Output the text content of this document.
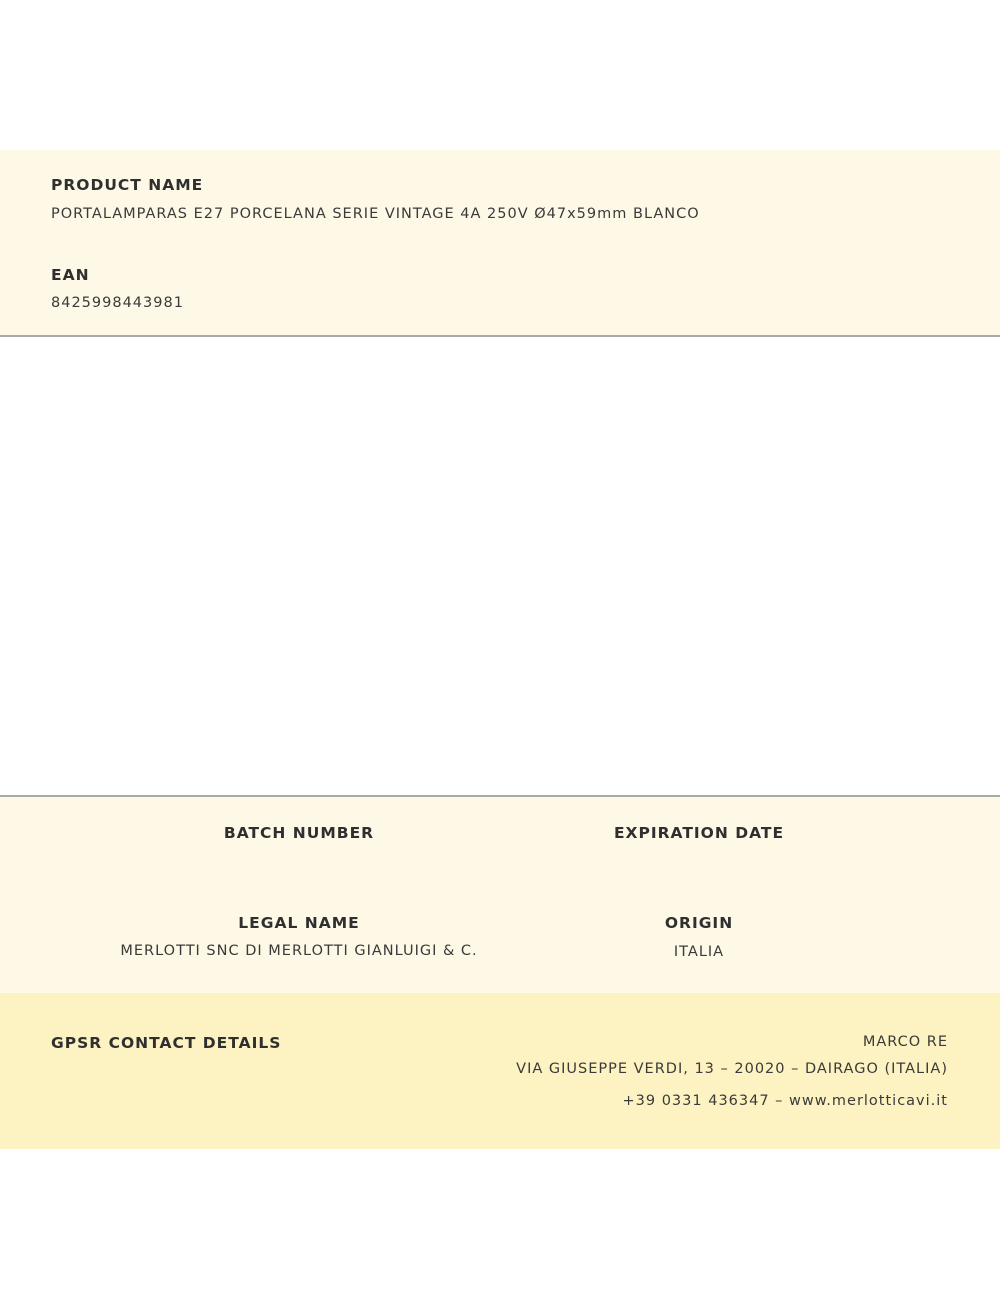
PRODUCT NAME
PORTALAMPARAS E27 PORCELANA SERIE VINTAGE 4A 250V Ø47x59mm BLANCO
EAN
8425998443981
BATCH NUMBER	EXPIRATION DATE
LEGAL NAME
MERLOTTI SNC DI MERLOTTI GIANLUIGI & C.
ORIGIN
ITALIA
GPSR CONTACT DETAILS	MARCO RE
VIA GIUSEPPE VERDI, 13 – 20020 – DAIRAGO (ITALIA)
+39 0331 436347 – www.merlotticavi.it
